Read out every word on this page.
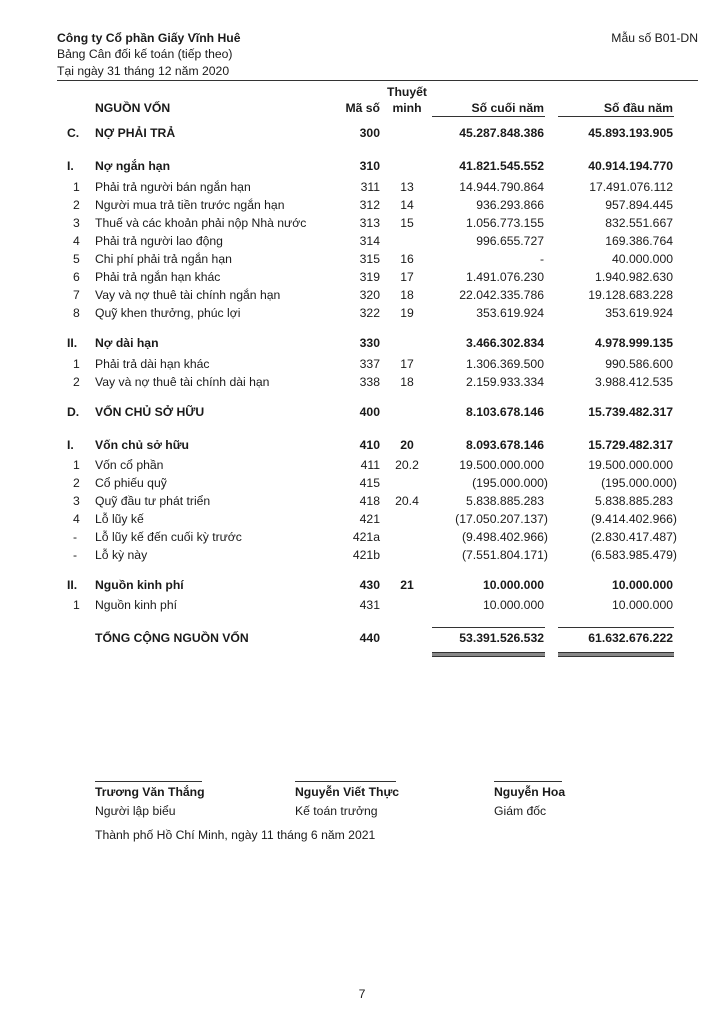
Công ty Cổ phần Giấy Vĩnh Huê	Mẫu số B01-DN
Bảng Cân đối kế toán (tiếp theo)
Tại ngày 31 tháng 12 năm 2020
NGUỒN VỐN	Mã số
Thuyết
minh	Số cuối năm	Số đầu năm
C. NỢ PHẢI TRẢ	300	45.287.848.386	45.893.193.905
I. Nợ ngắn hạn	310	41.821.545.552	40.914.194.770
1 Phải trả người bán ngắn hạn	311	13	14.944.790.864	17.491.076.112
2 Người mua trả tiền trước ngắn hạn	312	14	936.293.866	957.894.445
3 Thuế và các khoản phải nộp Nhà nước	313	15	1.056.773.155	832.551.667
4 Phải trả người lao động	314	996.655.727	169.386.764
5 Chi phí phải trả ngắn hạn	315	16	-	40.000.000
6 Phải trả ngắn hạn khác	319	17	1.491.076.230	1.940.982.630
7 Vay và nợ thuê tài chính ngắn hạn	320	18	22.042.335.786	19.128.683.228
8 Quỹ khen thưởng, phúc lợi	322	19	353.619.924	353.619.924
II. Nợ dài hạn	330	3.466.302.834	4.978.999.135
1 Phải trả dài hạn khác	337	17	1.306.369.500	990.586.600
2 Vay và nợ thuê tài chính dài hạn	338	18	2.159.933.334	3.988.412.535
D. VỐN CHỦ SỞ HỮU	400	8.103.678.146	15.739.482.317
I. Vốn chủ sở hữu	410	20	8.093.678.146	15.729.482.317
1 Vốn cổ phần	411	20.2	19.500.000.000	19.500.000.000
2 Cổ phiếu quỹ	415	(195.000.000)	(195.000.000)
3 Quỹ đầu tư phát triển	418	20.4	5.838.885.283	5.838.885.283
4 Lỗ lũy kế	421	(17.050.207.137)	(9.414.402.966)
- Lỗ lũy kế đến cuối kỳ trước	421a	(9.498.402.966)	(2.830.417.487)
- Lỗ kỳ này	421b	(7.551.804.171)	(6.583.985.479)
II. Nguồn kinh phí	430	21	10.000.000	10.000.000
1 Nguồn kinh phí	431	10.000.000	10.000.000
TỔNG CỘNG NGUỒN VỐN	440	53.391.526.532	61.632.676.222
Trương Văn Thắng
Người lập biểu
Nguyễn Viết Thực
Kế toán trưởng
Nguyễn Hoa
Giám đốc
Thành phố Hồ Chí Minh, ngày 11 tháng 6 năm 2021
7
